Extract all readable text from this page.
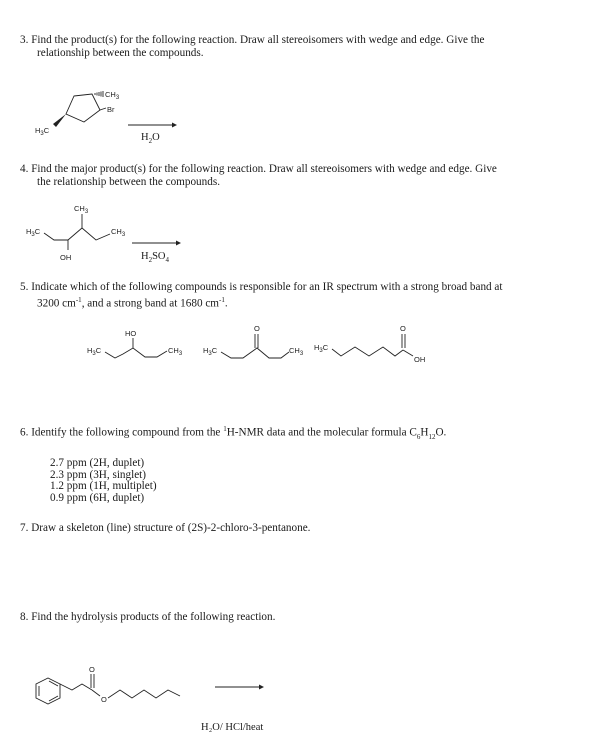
3. Find the product(s) for the following reaction. Draw all stereoisomers with wedge and edge. Give the
relationship between the compounds.
$CH_3$
Br
$H_3C$
$H_2O$
4. Find the major product(s) for the following reaction. Draw all stereoisomers with wedge and edge. Give
the relationship between the compounds.
$CH_3$
$H_3C$
OH
$CH_3$
$H_2SO_4$
5. Indicate which of the following compounds is responsible for an IR spectrum with a strong broad band at
3200 $cm^{-1}$, and a strong band at 1680 $cm^{-1}$.
HO
$H_3C$	$CH_3$
O
$H_3C$	$CH_3$
$H_3C$
O
OH
6. Identify the following compound from the $^1$H-NMR data and the molecular formula $C_6H_{12}O$.
2.7 ppm (2H, duplet)
2.3 ppm (3H, singlet)
1.2 ppm (1H, multiplet)
0.9 ppm (6H, duplet)
7. Draw a skeleton (line) structure of (2S)-2-chloro-3-pentanone.
8. Find the hydrolysis products of the following reaction.
O
O
H₂O/ HCl/heat
